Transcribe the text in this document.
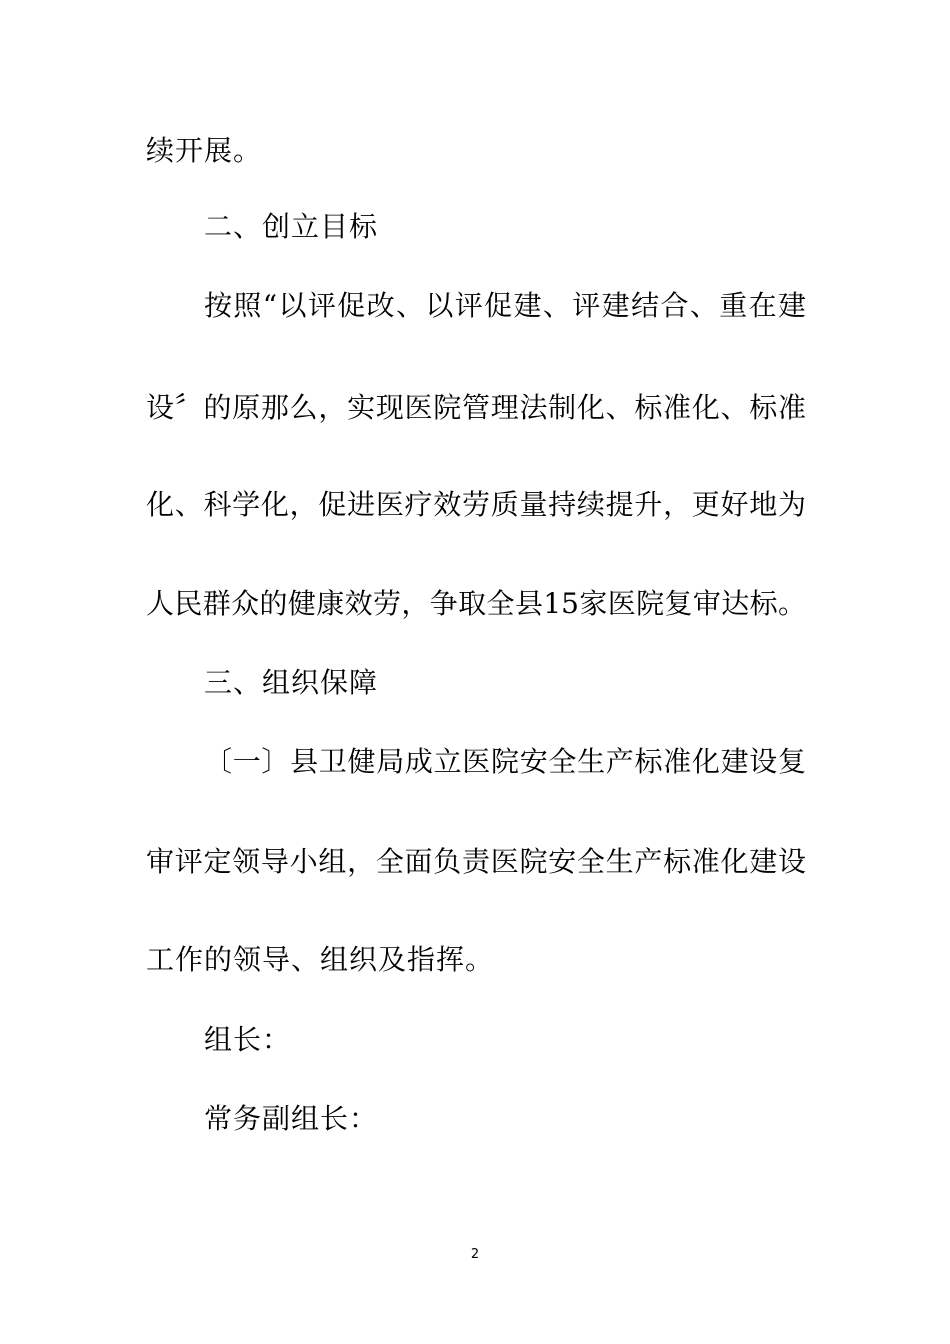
续开展。
二、创立目标
按照“以评促改、以评促建、评建结合、重在建
设〞的原那么，实现医院管理法制化、标准化、标准
化、科学化，促进医疗效劳质量持续提升，更好地为
人民群众的健康效劳，争取全县15家医院复审达标。
三、组织保障
〔一〕县卫健局成立医院安全生产标准化建设复
审评定领导小组，全面负责医院安全生产标准化建设
工作的领导、组织及指挥。
组长：
常务副组长：
2
